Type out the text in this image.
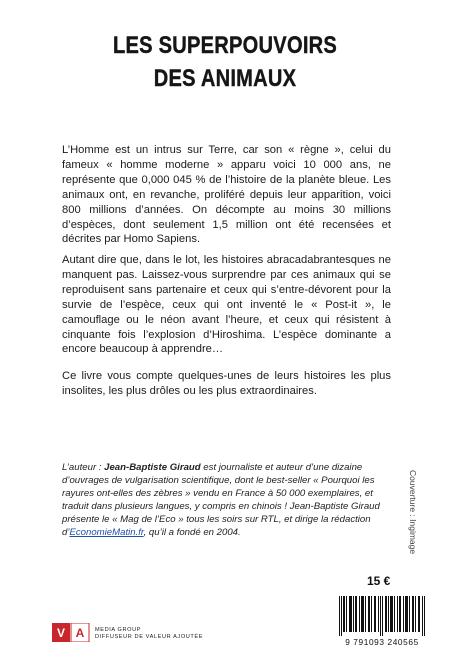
LES SUPERPOUVOIRS
DES ANIMAUX
L’Homme est un intrus sur Terre, car son « règne », celui du fameux « homme moderne » apparu voici 10 000 ans, ne représente que 0,000 045 % de l’histoire de la planète bleue. Les animaux ont, en revanche, proliféré depuis leur apparition, voici 800 millions d’années. On décompte au moins 30 millions d’espèces, dont seulement 1,5 million ont été recensées et décrites par Homo Sapiens.
Autant dire que, dans le lot, les histoires abracadabrantesques ne manquent pas. Laissez-vous surprendre par ces animaux qui se reproduisent sans partenaire et ceux qui s’entre-dévorent pour la survie de l’espèce, ceux qui ont inventé le « Post-it », le camouflage ou le néon avant l’heure, et ceux qui résistent à cinquante fois l’explosion d’Hiroshima. L’espèce dominante a encore beaucoup à apprendre…
Ce livre vous compte quelques-unes de leurs histoires les plus insolites, les plus drôles ou les plus extraordinaires.
L’auteur : Jean-Baptiste Giraud est journaliste et auteur d’une dizaine d’ouvrages de vulgarisation scientifique, dont le best-seller « Pourquoi les rayures ont-elles des zèbres » vendu en France à 50 000 exemplaires, et traduit dans plusieurs langues, y compris en chinois ! Jean-Baptiste Giraud présente le « Mag de l’Eco » tous les soirs sur RTL, et dirige la rédaction d’EconomieMatin.fr, qu’il a fondé en 2004.	Couverture : Ingimage
15 €
9 791093 240565
V A MEDIA GROUP
DIFFUSEUR DE VALEUR AJOUTÉE
